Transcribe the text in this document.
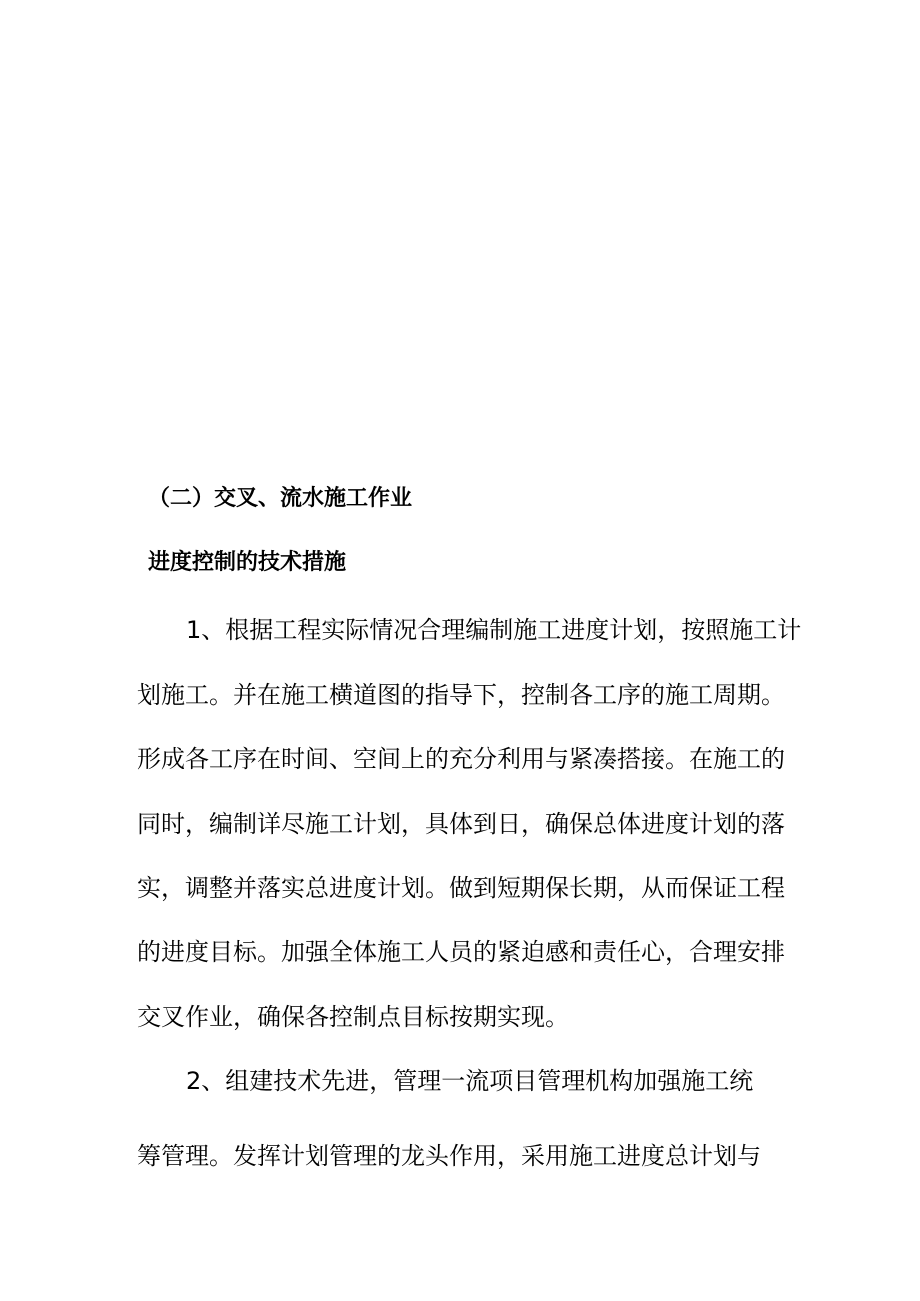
（二）交叉、流水施工作业
进度控制的技术措施
1、根据工程实际情况合理编制施工进度计划，按照施工计
划施工。并在施工横道图的指导下，控制各工序的施工周期。
形成各工序在时间、空间上的充分利用与紧凑搭接。在施工的
同时，编制详尽施工计划，具体到日，确保总体进度计划的落
实，调整并落实总进度计划。做到短期保长期，从而保证工程
的进度目标。加强全体施工人员的紧迫感和责任心，合理安排
交叉作业，确保各控制点目标按期实现。
2、组建技术先进，管理一流项目管理机构加强施工统
筹管理。发挥计划管理的龙头作用，采用施工进度总计划与
